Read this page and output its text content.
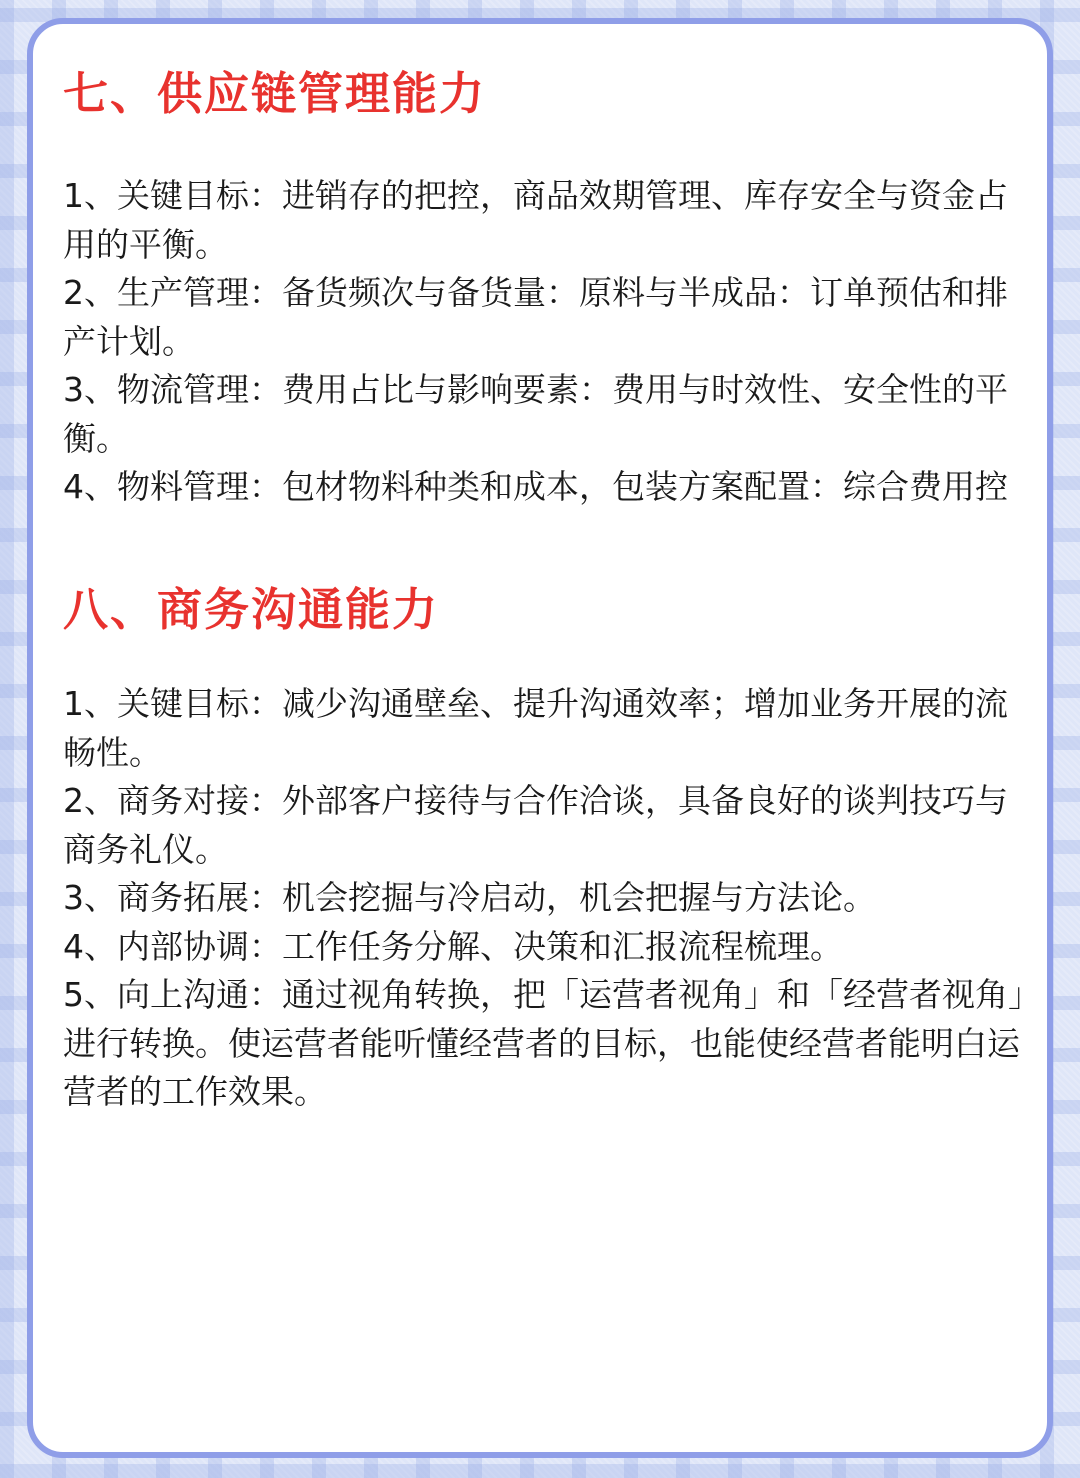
七、供应链管理能力
1、关键目标：进销存的把控，商品效期管理、库存安全与资金占用的平衡。
2、生产管理：备货频次与备货量：原料与半成品：订单预估和排产计划。
3、物流管理：费用占比与影响要素：费用与时效性、安全性的平衡。
4、物料管理：包材物料种类和成本，包装方案配置：综合费用控
八、商务沟通能力
1、关键目标：减少沟通壁垒、提升沟通效率；增加业务开展的流畅性。
2、商务对接：外部客户接待与合作洽谈，具备良好的谈判技巧与商务礼仪。
3、商务拓展：机会挖掘与冷启动，机会把握与方法论。
4、内部协调：工作任务分解、决策和汇报流程梳理。
5、向上沟通：通过视角转换，把「运营者视角」和「经营者视角」进行转换。使运营者能听懂经营者的目标，也能使经营者能明白运营者的工作效果。
